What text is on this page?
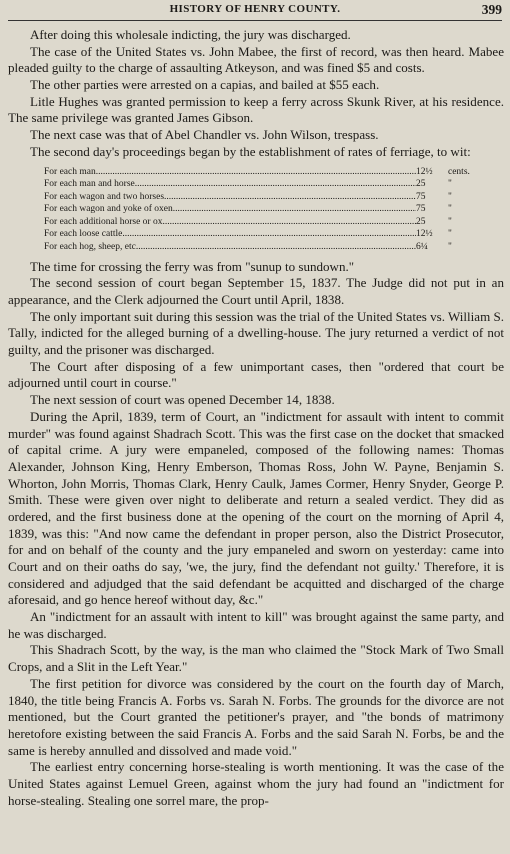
HISTORY OF HENRY COUNTY.	399

After doing this wholesale indicting, the jury was discharged.

The case of the United States vs. John Mabee, the first of record, was then heard. Mabee pleaded guilty to the charge of assaulting Atkeyson, and was fined $5 and costs.

The other parties were arrested on a capias, and bailed at $55 each.

Litle Hughes was granted permission to keep a ferry across Skunk River, at his residence. The same privilege was granted James Gibson.

The next case was that of Abel Chandler vs. John Wilson, trespass.

The second day's proceedings began by the establishment of rates of ferriage, to wit:

For each man .....	12½	cents.
For each man and horse .....	25	"
For each wagon and two horses .....	75	"
For each wagon and yoke of oxen .....	75	"
For each additional horse or ox .....	25	"
For each loose cattle .....	12½	"
For each hog, sheep, etc .....	6¼	"

The time for crossing the ferry was from "sunup to sundown."

The second session of court began September 15, 1837. The Judge did not put in an appearance, and the Clerk adjourned the Court until April, 1838.

The only important suit during this session was the trial of the United States vs. William S. Tally, indicted for the alleged burning of a dwelling-house. The jury returned a verdict of not guilty, and the prisoner was discharged.

The Court after disposing of a few unimportant cases, then "ordered that court be adjourned until court in course."

The next session of court was opened December 14, 1838.

During the April, 1839, term of Court, an "indictment for assault with intent to commit murder" was found against Shadrach Scott. This was the first case on the docket that smacked of capital crime. A jury were empaneled, composed of the following names: Thomas Alexander, Johnson King, Henry Emberson, Thomas Ross, John W. Payne, Benjamin S. Whorton, John Morris, Thomas Clark, Henry Caulk, James Cormer, Henry Snyder, George P. Smith. These were given over night to deliberate and return a sealed verdict. They did as ordered, and the first business done at the opening of the court on the morning of April 4, 1839, was this: "And now came the defendant in proper person, also the District Prosecutor, for and on behalf of the county and the jury empaneled and sworn on yesterday: came into Court and on their oaths do say, 'we, the jury, find the defendant not guilty.' Therefore, it is considered and adjudged that the said defendant be acquitted and discharged of the charge aforesaid, and go hence hereof without day, &c."

An "indictment for an assault with intent to kill" was brought against the same party, and he was discharged.

This Shadrach Scott, by the way, is the man who claimed the "Stock Mark of Two Small Crops, and a Slit in the Left Year."

The first petition for divorce was considered by the court on the fourth day of March, 1840, the title being Francis A. Forbs vs. Sarah N. Forbs. The grounds for the divorce are not mentioned, but the Court granted the petitioner's prayer, and "the bonds of matrimony heretofore existing between the said Francis A. Forbs and the said Sarah N. Forbs, be and the same is hereby annulled and dissolved and made void."

The earliest entry concerning horse-stealing is worth mentioning. It was the case of the United States against Lemuel Green, against whom the jury had found an "indictment for horse-stealing. Stealing one sorrel mare, the prop-
